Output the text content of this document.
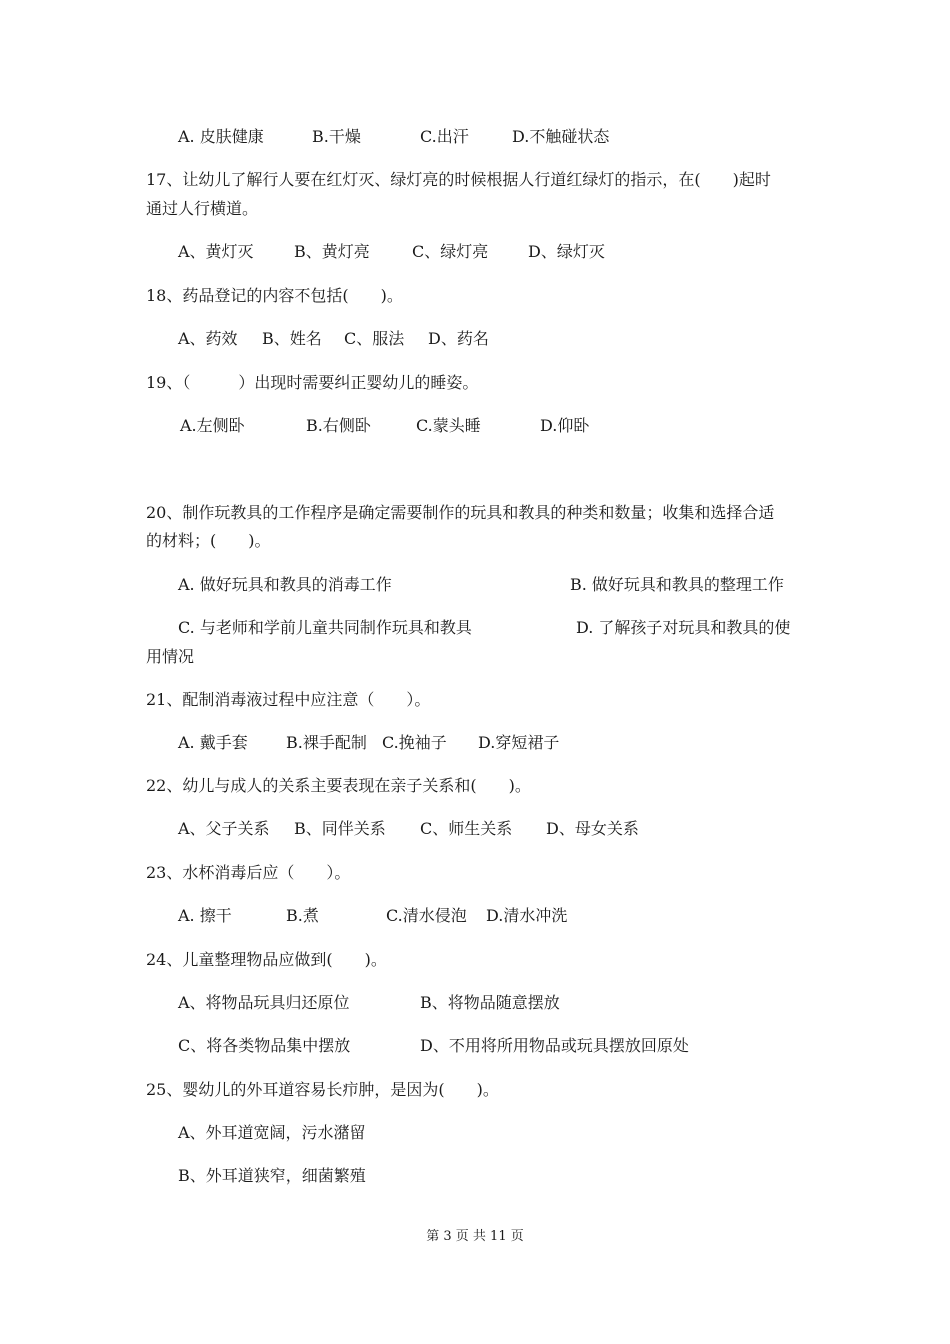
A. 皮肤健康	B.干燥	C.出汗	D.不触碰状态
17、让幼儿了解行人要在红灯灭、绿灯亮的时候根据人行道红绿灯的指示，在(　　)起时
通过人行横道。
A、黄灯灭	B、黄灯亮	C、绿灯亮 D、绿灯灭
18、药品登记的内容不包括(　　)。
A、药效 B、姓名 C、服法 D、药名
19、（　　　）出现时需要纠正婴幼儿的睡姿。
A.左侧卧	B.右侧卧	C.蒙头睡	D.仰卧
20、制作玩教具的工作程序是确定需要制作的玩具和教具的种类和数量；收集和选择合适
的材料；(　　)。
A. 做好玩具和教具的消毒工作	B. 做好玩具和教具的整理工作
C. 与老师和学前儿童共同制作玩具和教具	D. 了解孩子对玩具和教具的使
用情况
21、配制消毒液过程中应注意（　　）。
A. 戴手套 B.裸手配制 C.挽袖子 D.穿短裙子
22、幼儿与成人的关系主要表现在亲子关系和(　　)。
A、父子关系 B、同伴关系 C、师生关系 D、母女关系
23、水杯消毒后应（　　）。
A. 擦干	B.煮	C.清水侵泡 D.清水冲洗
24、儿童整理物品应做到(　　)。
A、将物品玩具归还原位	B、将物品随意摆放
C、将各类物品集中摆放	D、不用将所用物品或玩具摆放回原处
25、婴幼儿的外耳道容易长疖肿，是因为(　　)。
A、外耳道宽阔，污水潴留
B、外耳道狭窄，细菌繁殖
第 3 页 共 11 页
